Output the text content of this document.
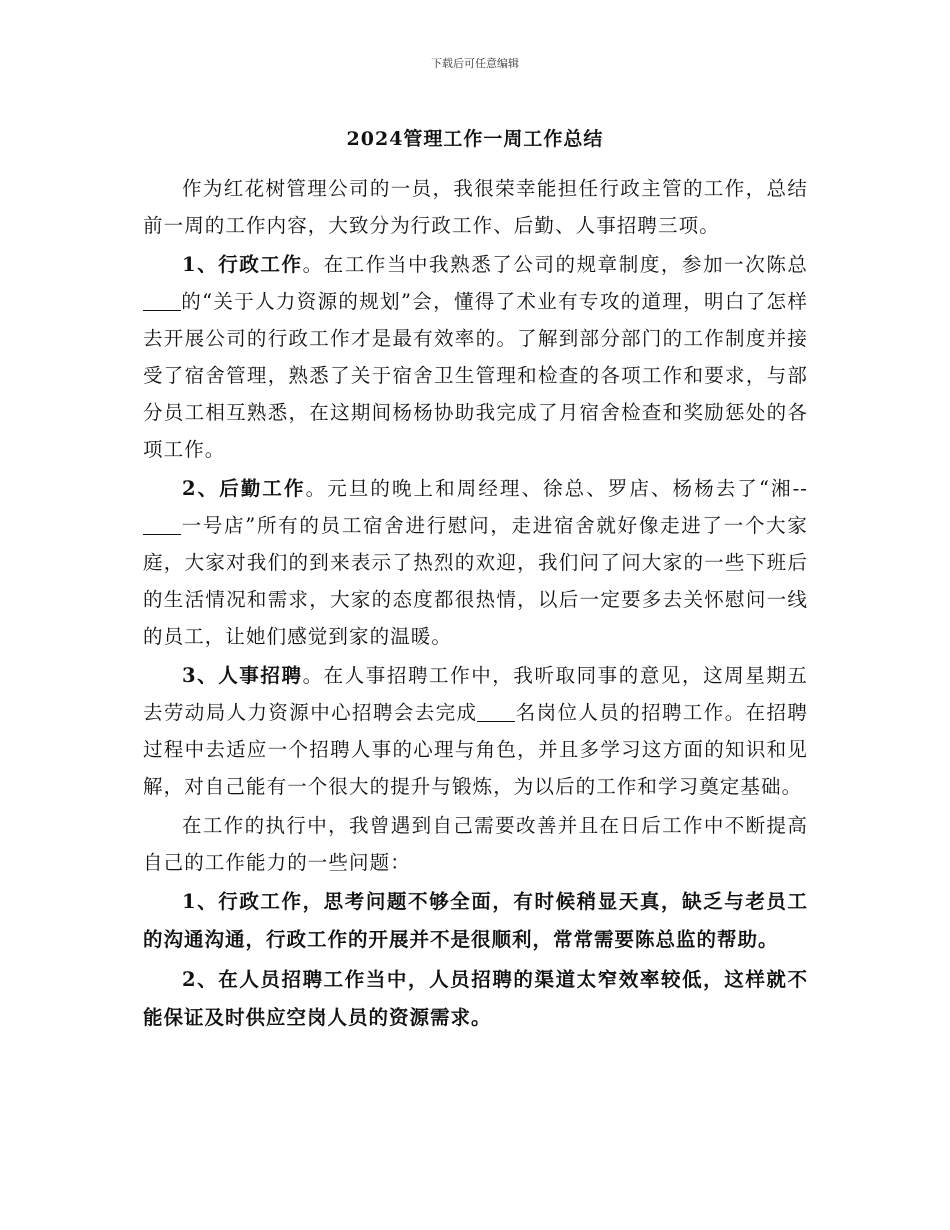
下载后可任意编辑
2024管理工作一周工作总结

作为红花树管理公司的一员，我很荣幸能担任行政主管的工作，总结前一周的工作内容，大致分为行政工作、后勤、人事招聘三项。

1、行政工作。在工作当中我熟悉了公司的规章制度，参加一次陈总的“关于人力资源的规划”会，懂得了术业有专攻的道理，明白了怎样去开展公司的行政工作才是最有效率的。了解到部分部门的工作制度并接受了宿舍管理，熟悉了关于宿舍卫生管理和检查的各项工作和要求，与部分员工相互熟悉，在这期间杨杨协助我完成了月宿舍检查和奖励惩处的各项工作。

2、后勤工作。元旦的晚上和周经理、徐总、罗店、杨杨去了“湘--一号店”所有的员工宿舍进行慰问，走进宿舍就好像走进了一个大家庭，大家对我们的到来表示了热烈的欢迎，我们问了问大家的一些下班后的生活情况和需求，大家的态度都很热情，以后一定要多去关怀慰问一线的员工，让她们感觉到家的温暖。

3、人事招聘。在人事招聘工作中，我听取同事的意见，这周星期五去劳动局人力资源中心招聘会去完成 名岗位人员的招聘工作。在招聘过程中去适应一个招聘人事的心理与角色，并且多学习这方面的知识和见解，对自己能有一个很大的提升与锻炼，为以后的工作和学习奠定基础。

在工作的执行中，我曾遇到自己需要改善并且在日后工作中不断提高自己的工作能力的一些问题：

1、行政工作，思考问题不够全面，有时候稍显天真，缺乏与老员工的沟通沟通，行政工作的开展并不是很顺利，常常需要陈总监的帮助。

2、在人员招聘工作当中，人员招聘的渠道太窄效率较低，这样就不能保证及时供应空岗人员的资源需求。
